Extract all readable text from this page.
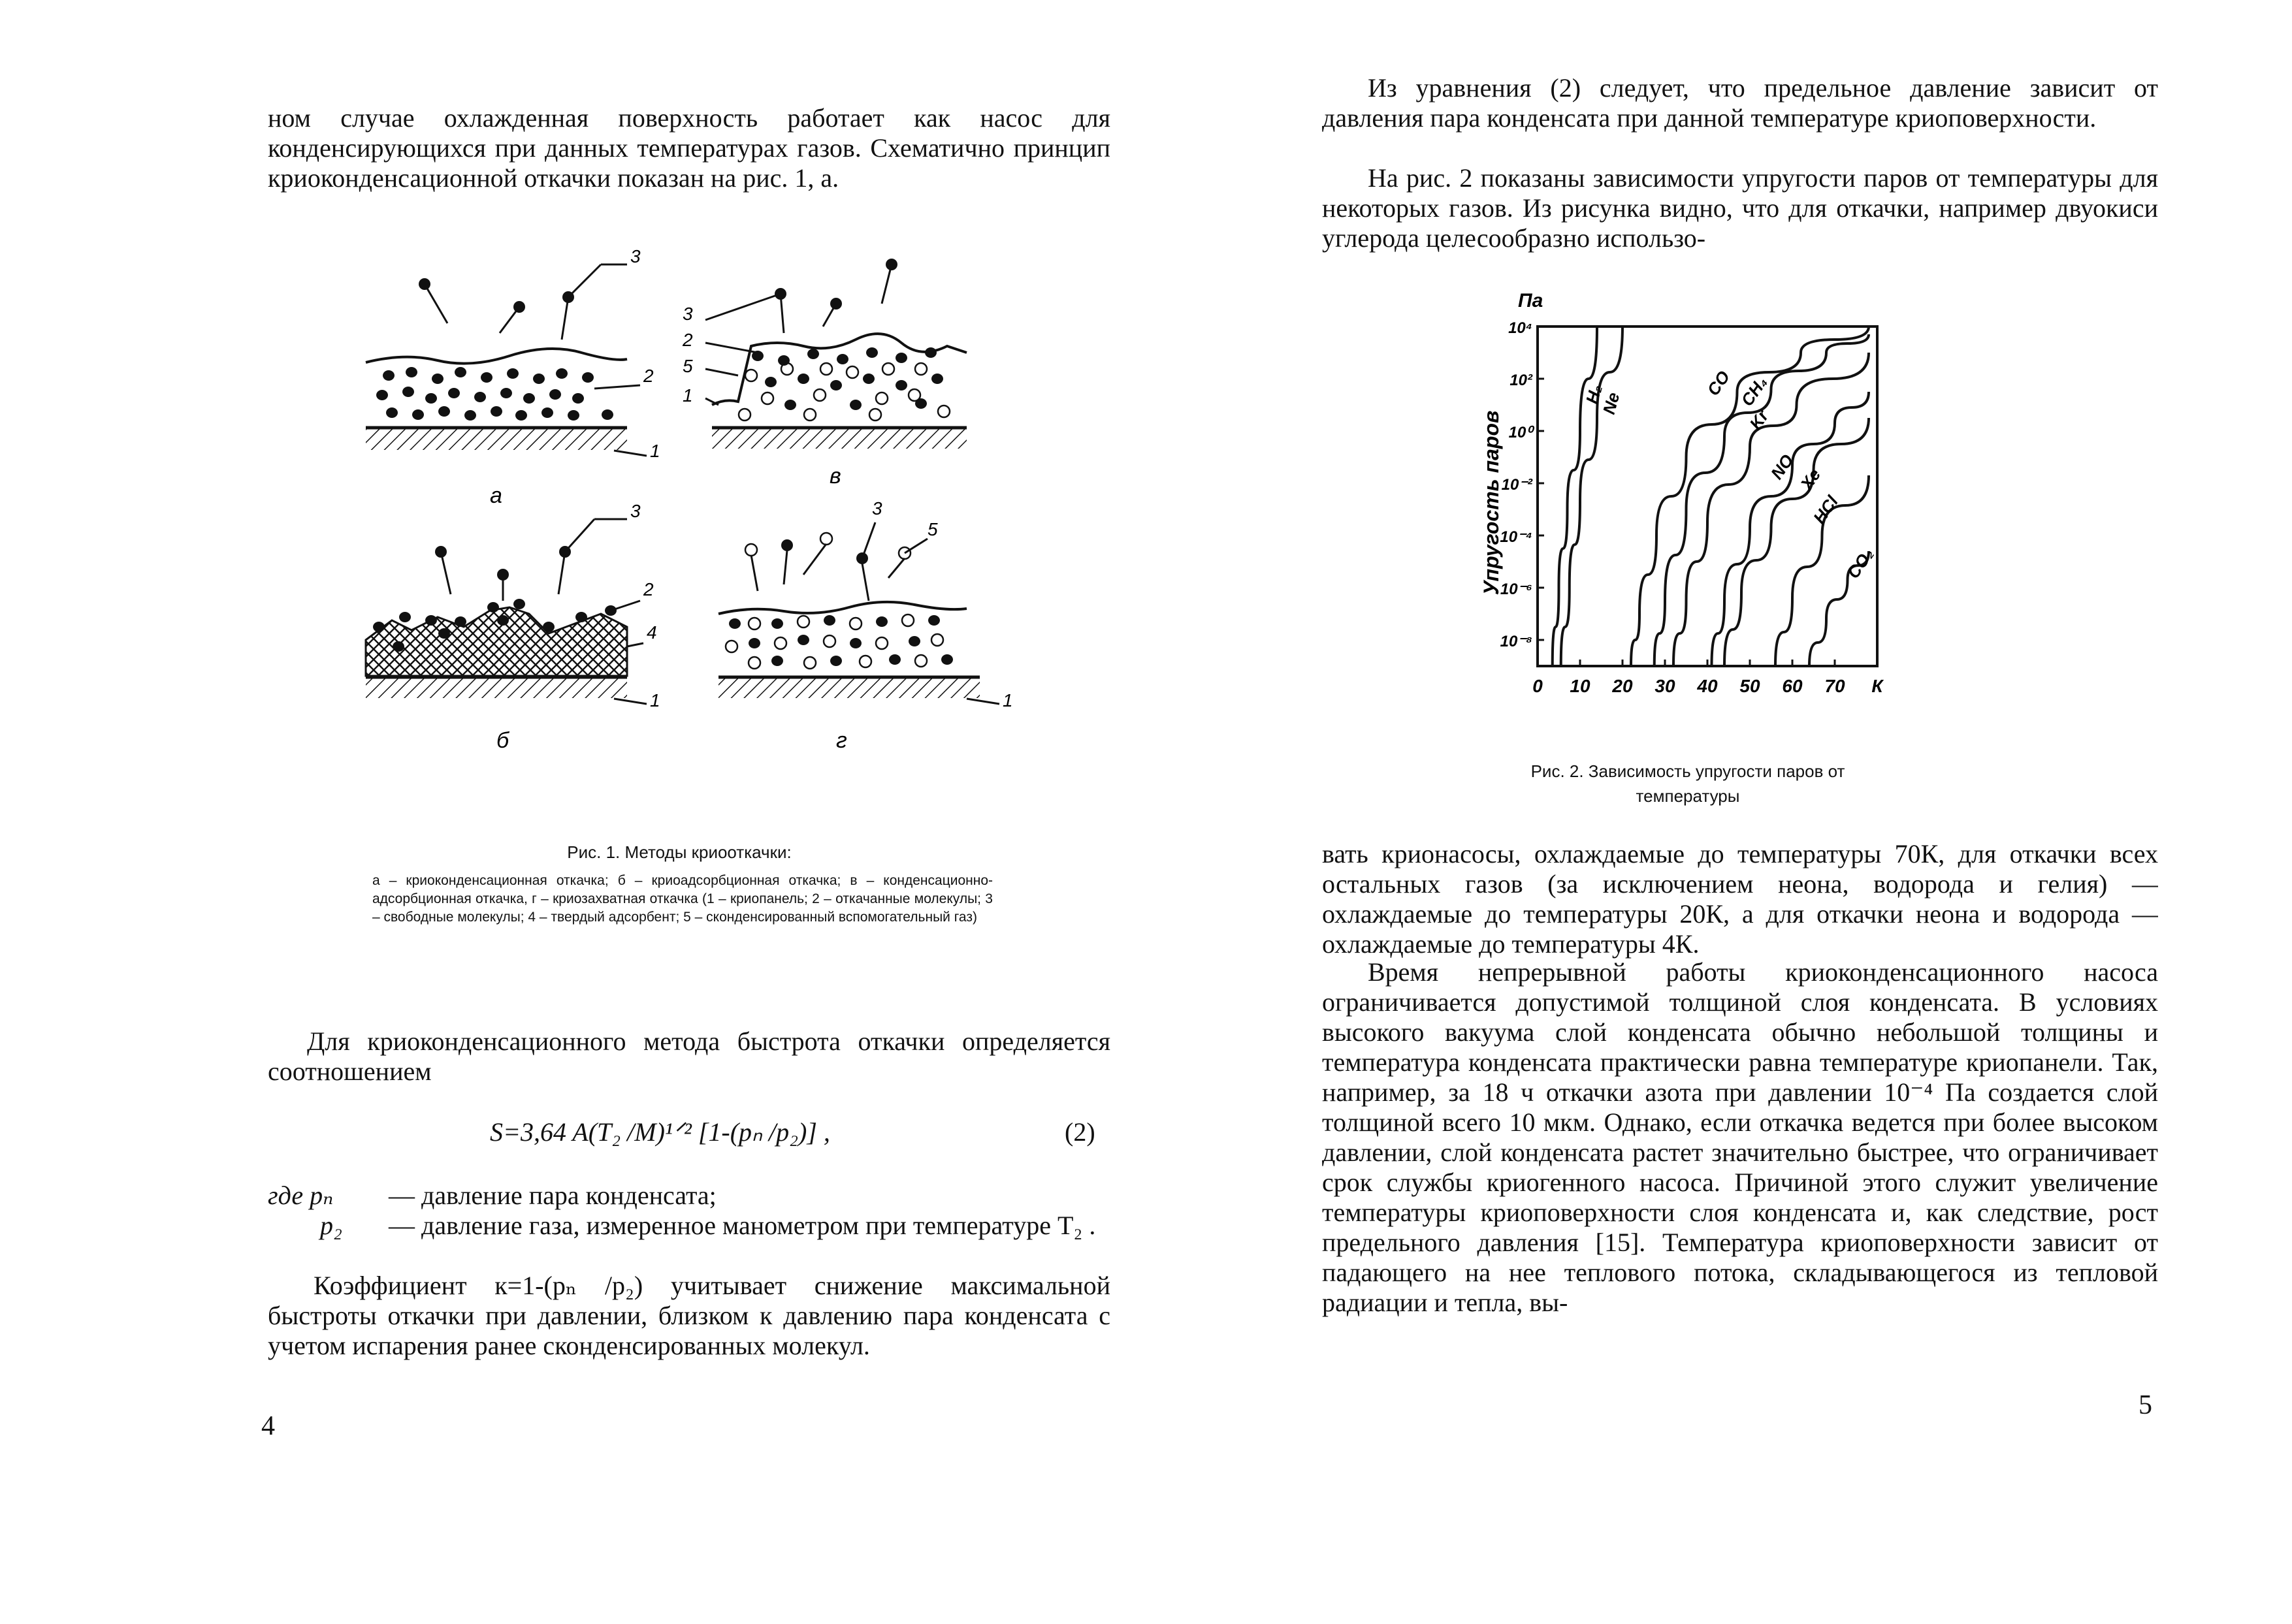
ном случае охлажденная поверхность работает как насос для конденсирующихся при данных температурах газов. Схематично принцип криоконденсационной откачки показан на рис. 1, а.

3
2
1
а
3
2
5
1
в
3
2
4
1
б
3
5
1
г

Рис. 1. Методы криооткачки:

а – криоконденсационная откачка; б – криоадсорбционная откачка; в – конденсационно-адсорбционная откачка, г – криозахватная откачка (1 – криопанель; 2 – откачанные молекулы; 3 – свободные молекулы; 4 – твердый адсорбент; 5 – сконденсированный вспомогательный газ)

Для криоконденсационного метода быстрота откачки определяется соотношением

S=3,64 A(T₂ /M)¹ᐟ² [1-(pₙ /p₂)] ,	(2)

где pₙ — давление пара конденсата;

p₂ — давление газа, измеренное манометром при температуре T₂ .

Коэффициент к=1-(pₙ /p₂) учитывает снижение максимальной быстроты откачки при давлении, близком к давлению пара конденсата с учетом испарения ранее сконденсированных молекул.

4

Из уравнения (2) следует, что предельное давление зависит от давления пара конденсата при данной температуре криоповерхности.

На рис. 2 показаны зависимости упругости паров от температуры для некоторых газов. Из рисунка видно, что для откачки, например двуокиси углерода целесообразно использо-

Па
Упругость паров
10⁴
10²
10⁰
10⁻²
10⁻⁴
10⁻⁶
10⁻⁸
0 10 20 30 40 50 60 70 К
H₂
Ne
CO CH₄
Kr
NO
Xe
HCl
CO₂

Рис. 2. Зависимость упругости паров от температуры

вать крионасосы, охлаждаемые до температуры 70К, для откачки всех остальных газов (за исключением неона, водорода и гелия) — охлаждаемые до температуры 20К, а для откачки неона и водорода — охлаждаемые до температуры 4К.

Время непрерывной работы криоконденсационного насоса ограничивается допустимой толщиной слоя конденсата. В условиях высокого вакуума слой конденсата обычно небольшой толщины и температура конденсата практически равна температуре криопанели. Так, например, за 18 ч откачки азота при давлении 10⁻⁴ Па создается слой толщиной всего 10 мкм. Однако, если откачка ведется при более высоком давлении, слой конденсата растет значительно быстрее, что ограничивает срок службы криогенного насоса. Причиной этого служит увеличение температуры криоповерхности слоя конденсата и, как следствие, рост предельного давления [15]. Температура криоповерхности зависит от падающего на нее теплового потока, складывающегося из тепловой радиации и тепла, вы-

5
